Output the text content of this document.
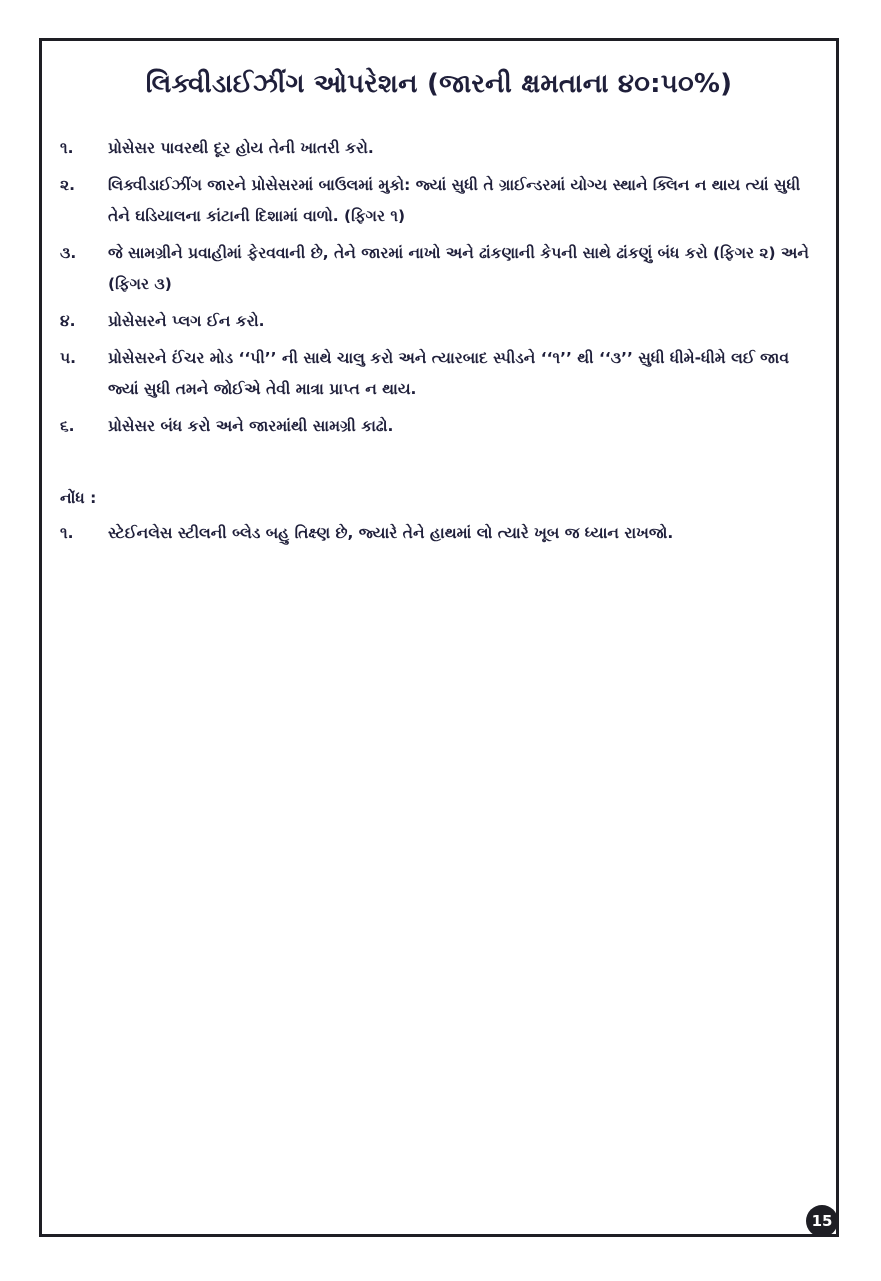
લિક્વીડાઈઝીંગ ઓપરેશન (જારની ક્ષમતાના ૪૦:૫૦%)
૧.	પ્રોસેસર પાવરથી દૂર હોય તેની ખાતરી કરો.
૨.	લિક્વીડાઈઝીંગ જારને પ્રોસેસરમાં બાઉલમાં મુકો: જ્યાં સુધી તે ગ્રાઈન્ડરમાં યોગ્ય સ્થાને ક્લિન ન થાય ત્યાં સુધી તેને ઘડિયાલના કાંટાની દિશામાં વાળો. (ફિગર ૧)
૩.	જે સામગ્રીને પ્રવાહીમાં ફેરવવાની છે, તેને જારમાં નાખો અને ઢાંકણાની કેપની સાથે ઢાંકણું બંધ કરો (ફિગર ૨) અને (ફિગર ૩)
૪.	પ્રોસેસરને પ્લગ ઈન કરો.
૫.	પ્રોસેસરને ઈંચર મોડ ‘‘પી’’ ની સાથે ચાલુ કરો અને ત્યારબાદ સ્પીડને ‘‘૧’’ થી ‘‘૩’’ સુધી ધીમે-ધીમે લઈ જાવ જ્યાં સુધી તમને જોઈએ તેવી માત્રા પ્રાપ્ત ન થાય.
૬.	પ્રોસેસર બંધ કરો અને જારમાંથી સામગ્રી કાઢો.
નોંધ :
૧.	સ્ટેઈનલેસ સ્ટીલની બ્લેડ બહુ તિક્ષ્ણ છે, જ્યારે તેને હાથમાં લો ત્યારે ખૂબ જ ધ્યાન રાખજો.
15
